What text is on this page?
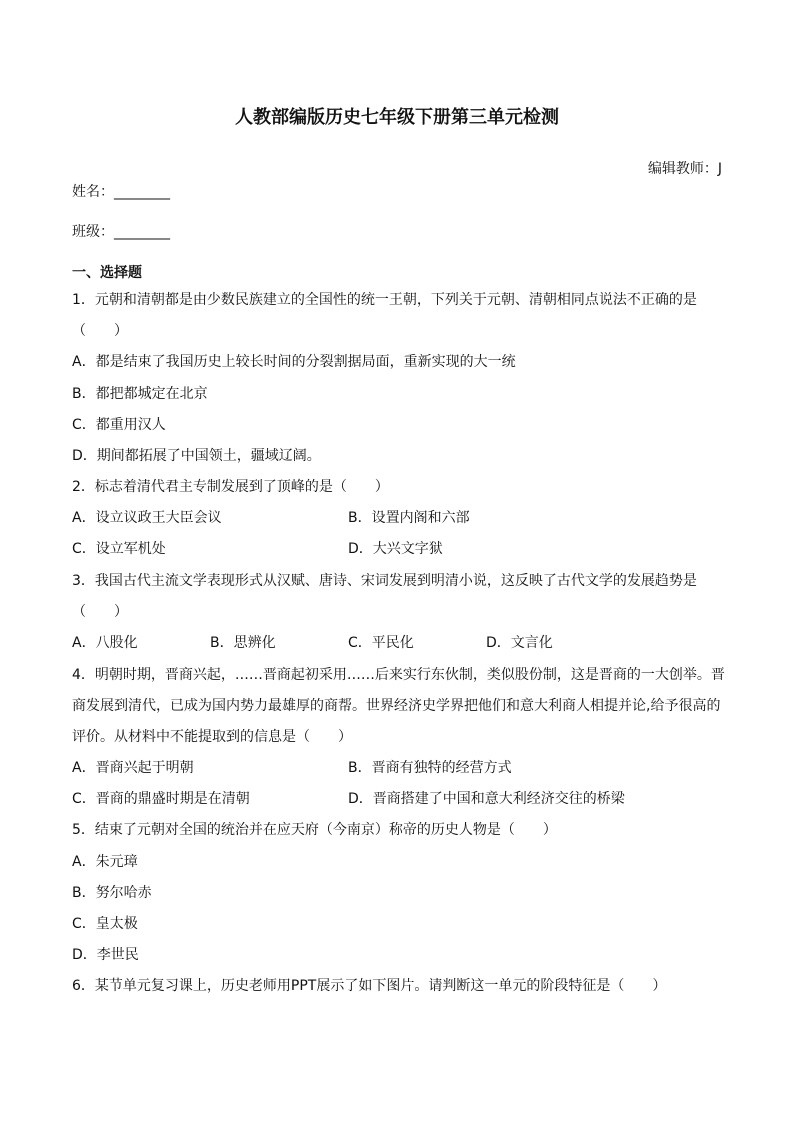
人教部编版历史七年级下册第三单元检测
编辑教师：J
姓名：________
班级：________
一、选择题
1．元朝和清朝都是由少数民族建立的全国性的统一王朝，下列关于元朝、清朝相同点说法不正确的是
（　　）
A．都是结束了我国历史上较长时间的分裂割据局面，重新实现的大一统
B．都把都城定在北京
C．都重用汉人
D．期间都拓展了中国领土，疆域辽阔。
2．标志着清代君主专制发展到了顶峰的是（　　）
A．设立议政王大臣会议	B．设置内阁和六部
C．设立军机处	D．大兴文字狱
3．我国古代主流文学表现形式从汉赋、唐诗、宋词发展到明清小说，这反映了古代文学的发展趋势是
（　　）
A．八股化	B．思辨化	C．平民化	D．文言化
4．明朝时期，晋商兴起，……晋商起初采用……后来实行东伙制，类似股份制，这是晋商的一大创举。晋
商发展到清代，已成为国内势力最雄厚的商帮。世界经济史学界把他们和意大利商人相提并论,给予很高的
评价。从材料中不能提取到的信息是（　　）
A．晋商兴起于明朝	B．晋商有独特的经营方式
C．晋商的鼎盛时期是在清朝	D．晋商搭建了中国和意大利经济交往的桥梁
5．结束了元朝对全国的统治并在应天府（今南京）称帝的历史人物是（　　）
A．朱元璋
B．努尔哈赤
C．皇太极
D．李世民
6．某节单元复习课上，历史老师用PPT展示了如下图片。请判断这一单元的阶段特征是（　　）
